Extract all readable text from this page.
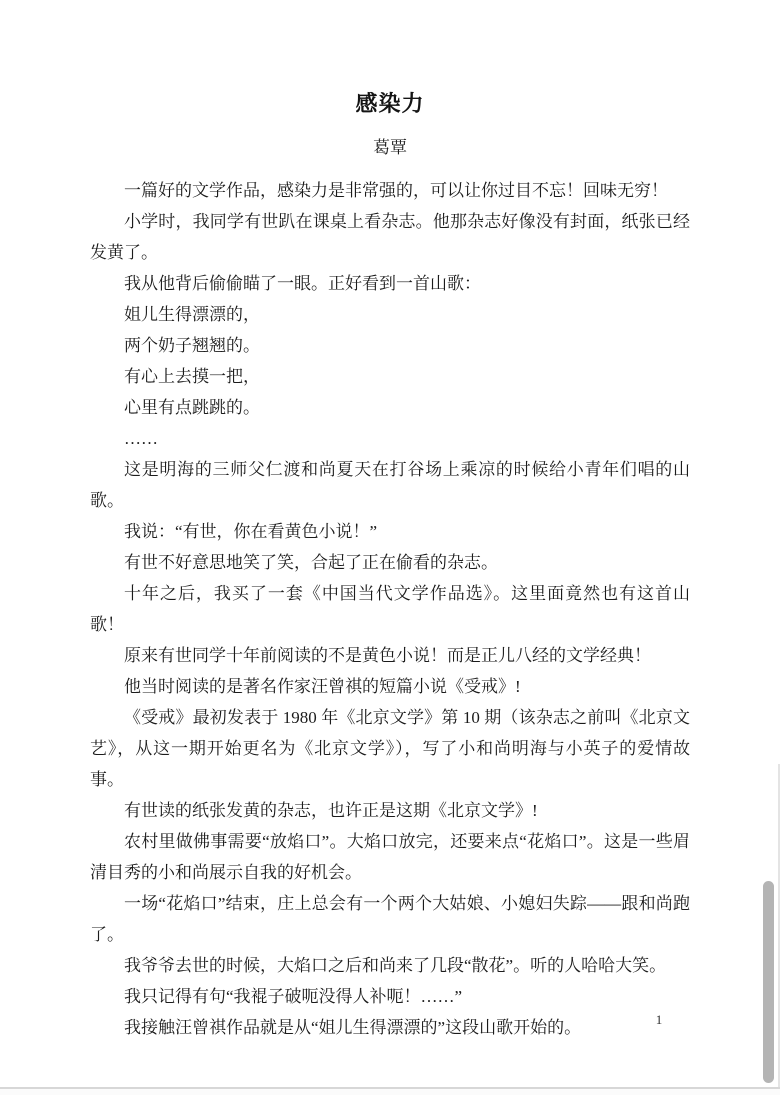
感染力
葛覃

一篇好的文学作品，感染力是非常强的，可以让你过目不忘！回味无穷！

小学时，我同学有世趴在课桌上看杂志。他那杂志好像没有封面，纸张已经发黄了。

我从他背后偷偷瞄了一眼。正好看到一首山歌：

姐儿生得漂漂的，

两个奶子翘翘的。

有心上去摸一把，

心里有点跳跳的。

……

这是明海的三师父仁渡和尚夏天在打谷场上乘凉的时候给小青年们唱的山歌。

我说：“有世，你在看黄色小说！”

有世不好意思地笑了笑，合起了正在偷看的杂志。

十年之后，我买了一套《中国当代文学作品选》。这里面竟然也有这首山歌！

原来有世同学十年前阅读的不是黄色小说！而是正儿八经的文学经典！

他当时阅读的是著名作家汪曾祺的短篇小说《受戒》!

《受戒》最初发表于 1980 年《北京文学》第 10 期（该杂志之前叫《北京文艺》，从这一期开始更名为《北京文学》），写了小和尚明海与小英子的爱情故事。

有世读的纸张发黄的杂志，也许正是这期《北京文学》!

农村里做佛事需要“放焰口”。大焰口放完，还要来点“花焰口”。这是一些眉清目秀的小和尚展示自我的好机会。

一场“花焰口”结束，庄上总会有一个两个大姑娘、小媳妇失踪——跟和尚跑了。

我爷爷去世的时候，大焰口之后和尚来了几段“散花”。听的人哈哈大笑。

我只记得有句“我裩子破呃没得人补呃！……”

我接触汪曾祺作品就是从“姐儿生得漂漂的”这段山歌开始的。	1
